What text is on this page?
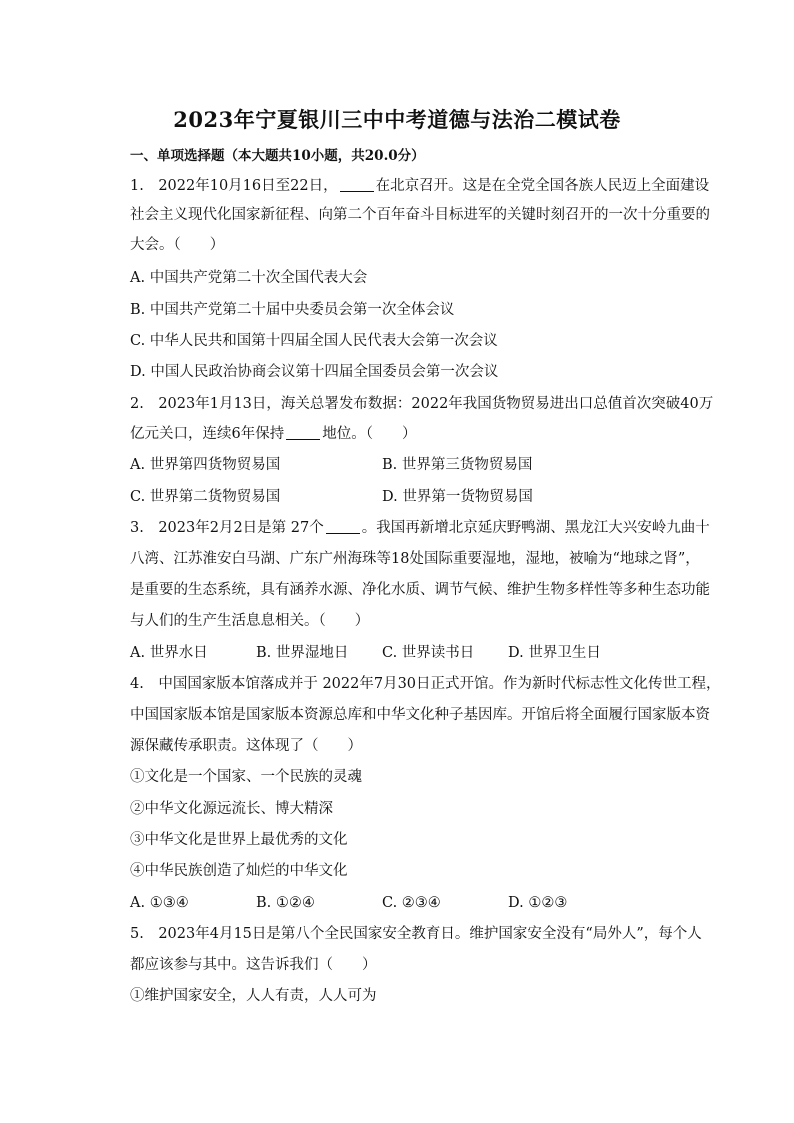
2023年宁夏银川三中中考道德与法治二模试卷
一、单项选择题（本大题共10小题，共20.0分）
1.　2022年10月16日至22日，	在北京召开。这是在全党全国各族人民迈上全面建设
社会主义现代化国家新征程、向第二个百年奋斗目标进军的关键时刻召开的一次十分重要的
大会。（　　）
A. 中国共产党第二十次全国代表大会
B. 中国共产党第二十届中央委员会第一次全体会议
C. 中华人民共和国第十四届全国人民代表大会第一次会议
D. 中国人民政治协商会议第十四届全国委员会第一次会议
2.　2023年1月13日，海关总署发布数据：2022年我国货物贸易进出口总值首次突破40万
亿元关口，连续6年保持	地位。（　　）
A. 世界第四货物贸易国	B. 世界第三货物贸易国
C. 世界第二货物贸易国	D. 世界第一货物贸易国
3.　2023年2月2日是第 27个	。我国再新增北京延庆野鸭湖、黑龙江大兴安岭九曲十
八湾、江苏淮安白马湖、广东广州海珠等18处国际重要湿地，湿地，被喻为“地球之肾”，
是重要的生态系统，具有涵养水源、净化水质、调节气候、维护生物多样性等多种生态功能
与人们的生产生活息息相关。（　　）
A. 世界水日	B. 世界湿地日 C. 世界读书日 D. 世界卫生日
4.　中国国家版本馆落成并于 2022年7月30日正式开馆。作为新时代标志性文化传世工程，
中国国家版本馆是国家版本资源总库和中华文化种子基因库。开馆后将全面履行国家版本资
源保藏传承职责。这体现了（　　）
①文化是一个国家、一个民族的灵魂
②中华文化源远流长、博大精深
③中华文化是世界上最优秀的文化
④中华民族创造了灿烂的中华文化
A. ①③④	B. ①②④	C. ②③④	D. ①②③
5.　2023年4月15日是第八个全民国家安全教育日。维护国家安全没有“局外人”，每个人
都应该参与其中。这告诉我们（　　）
①维护国家安全，人人有责，人人可为
